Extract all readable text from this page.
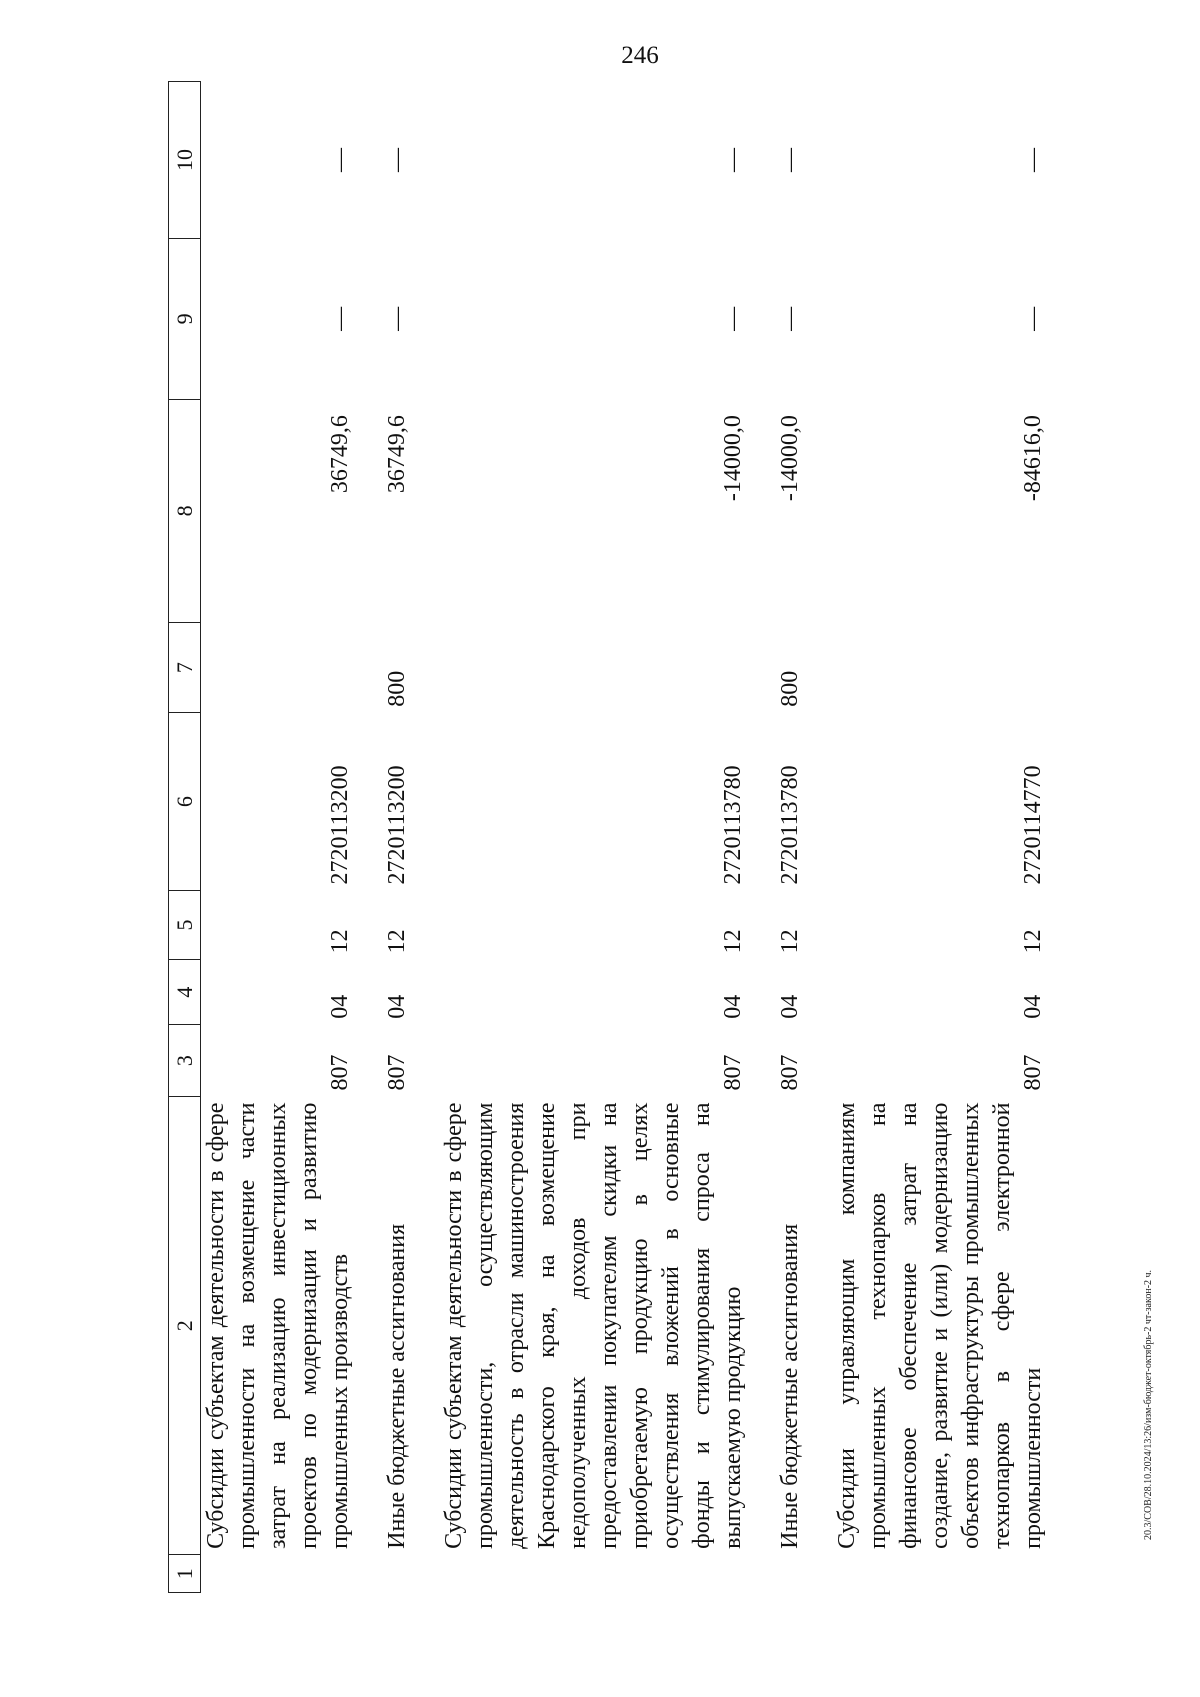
246
1	2	3	4	5	6	7	8	9	10
	Субсидии субъектам деятельности в сфере промышленности на возмещение части затрат на реализацию инвестиционных проектов по модернизации и развитию промышленных производств	807	04	12	2720113200		36749,6	—	—

	Иные бюджетные ассигнования	807	04	12	2720113200	800	36749,6	—	—

	Субсидии субъектам деятельности в сфере промышленности, осуществляющим деятельность в отрасли машиностроения Краснодарского края, на возмещение недополученных доходов при предоставлении покупателям скидки на приобретаемую продукцию в целях осуществления вложений в основные фонды и стимулирования спроса на выпускаемую продукцию	807	04	12	2720113780		-14000,0	—	—

	Иные бюджетные ассигнования	807	04	12	2720113780	800	-14000,0	—	—

	Субсидии управляющим компаниям промышленных технопарков на финансовое обеспечение затрат на создание, развитие и (или) модернизацию объектов инфраструктуры промышленных технопарков в сфере электронной промышленности	807	04	12	2720114770		-84616,0	—	—
20.3/СОВ/28.10.2024/13:26/изм-бюджет-октябрь-2 чт-закон-2 ч.
